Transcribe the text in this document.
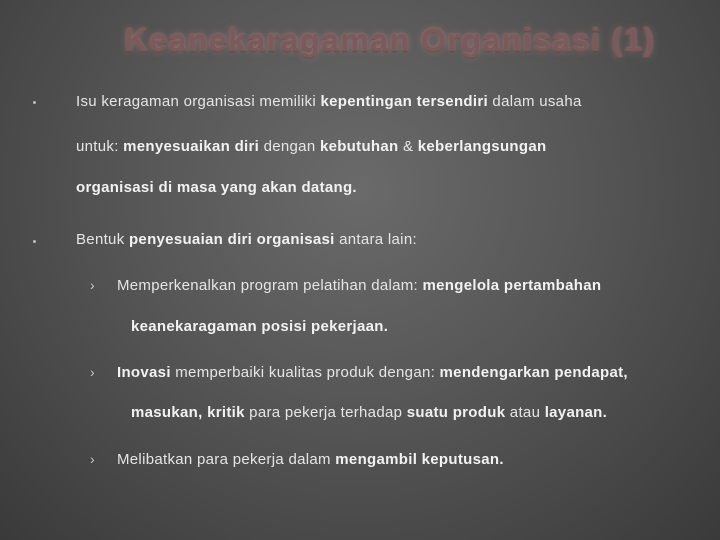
Keanekaragaman Organisasi (1)
Isu keragaman organisasi memiliki kepentingan tersendiri dalam usaha
untuk: menyesuaikan diri dengan kebutuhan & keberlangsungan
organisasi di masa yang akan datang.
Bentuk penyesuaian diri organisasi antara lain:
› Memperkenalkan program pelatihan dalam: mengelola pertambahan
keanekaragaman posisi pekerjaan.
› Inovasi memperbaiki kualitas produk dengan: mendengarkan pendapat,
masukan, kritik para pekerja terhadap suatu produk atau layanan.
› Melibatkan para pekerja dalam mengambil keputusan.
